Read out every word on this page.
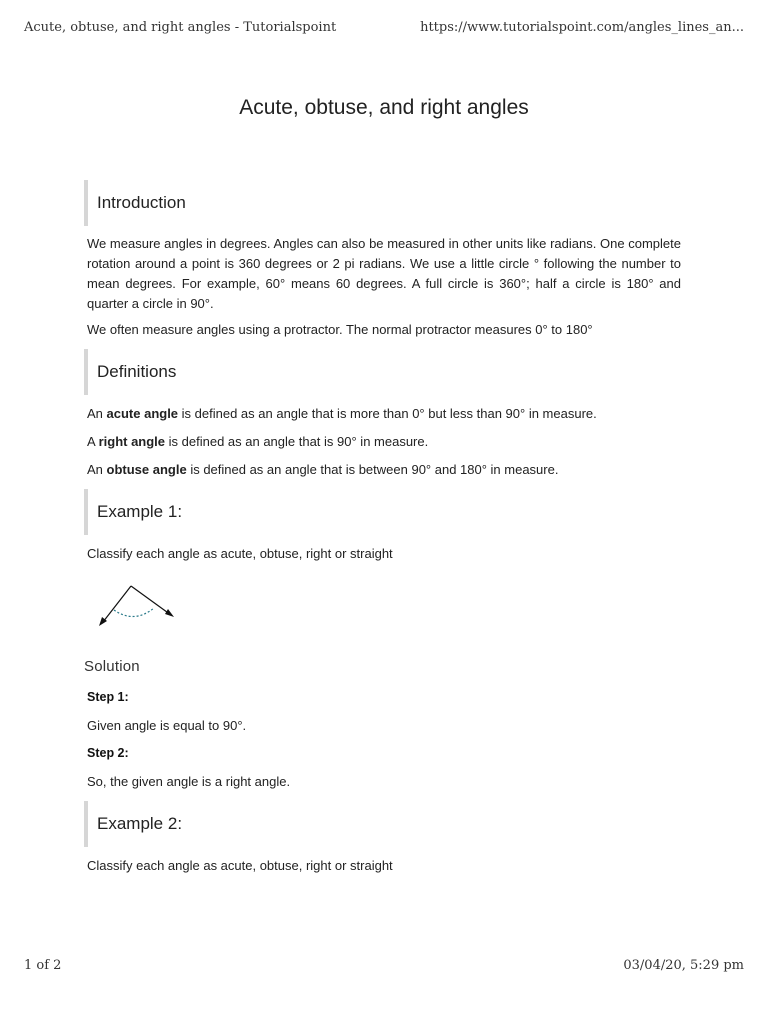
Acute, obtuse, and right angles - Tutorialspoint	https://www.tutorialspoint.com/angles_lines_an...
Acute, obtuse, and right angles
Introduction

We measure angles in degrees. Angles can also be measured in other units like radians. One complete rotation around a point is 360 degrees or 2 pi radians. We use a little circle ° following the number to mean degrees. For example, 60° means 60 degrees. A full circle is 360°; half a circle is 180° and quarter a circle in 90°.

We often measure angles using a protractor. The normal protractor measures 0° to 180°

Definitions

An acute angle is defined as an angle that is more than 0° but less than 90° in measure.

A right angle is defined as an angle that is 90° in measure.

An obtuse angle is defined as an angle that is between 90° and 180° in measure.

Example 1:

Classify each angle as acute, obtuse, right or straight

Solution
Step 1:

Given angle is equal to 90°.

Step 2:

So, the given angle is a right angle.

Example 2:

Classify each angle as acute, obtuse, right or straight

1 of 2	03/04/20, 5:29 pm
